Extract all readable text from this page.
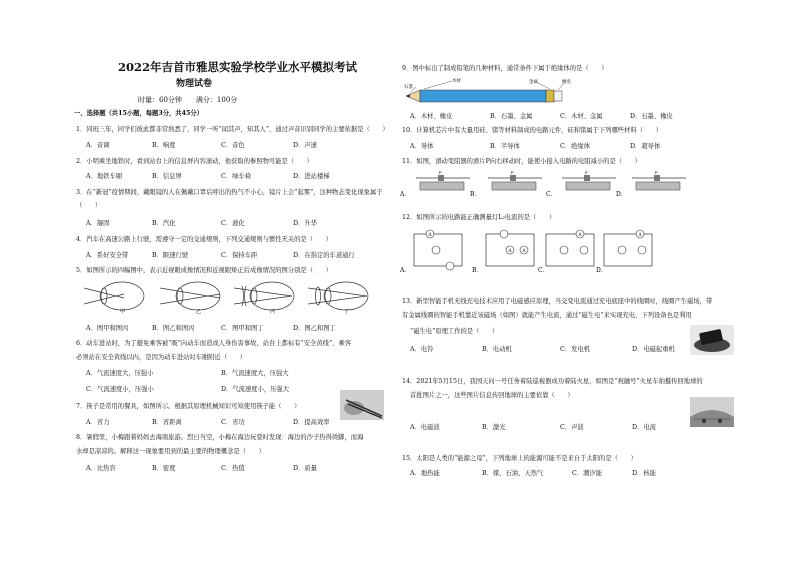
2022年吉首市雅思实验学校学业水平模拟考试
物理试卷
时量：60分钟　　满分：100分
一、选择题（共15小题，每题3分，共45分）
1．同班三年，同学们彼此都非常熟悉了，同学一听“闻其声，知其人”，通过声音识别同学的主要依据是（　　）
A．音调	B．响度	C．音色	D．声速
2．小明乘坐地铁时，看到站台上的信息屏内容滚动，他获取的参照物可能是（　　）
A．地铁车厢	B．信息屏	C．绿车椅	D．进站楼梯
3．在“新冠”疫情期间，戴眼镜的人在佩戴口罩后呼出的热气不小心，镜片上会“起雾”，这种物态变化现象属于
（　　）
A．凝固	B．汽化	C．液化	D．升华
4．汽车在高速公路上行驶，需遵守一定的交通规则，下列交通规则与惯性无关的是（　　）
A．系好安全带	B．限速行驶	C．保持车距	D．在指定的车道通行
5．如图所示的四幅图中，表示近视眼成像情况和近视眼矫正后成像情况的图分别是（　　）
甲	乙	丙	丁
A．图甲和图丙	B．图乙和图丙	C．图甲和图丁	D．图乙和图丁
6．动车进站时，为了避免乘客被“吸”向动车而造成人身伤害事故，站台上都标有“安全黄线”，乘客
必须站在安全黄线以内，是因为动车进站时车厢附近（　　）
A．气流速度大，压强小	B．气流速度大，压强大
C．气流速度小，压强小	D．气流速度小，压强大
7．筷子是常用的餐具，如图所示。根据其原理机械知识可知使用筷子能（　　）
A．省力	B．省距离	C．省功	D．提高效率
8．暑假里，小梅跟着妈妈去海南旅游。烈日当空，小梅在海边玩耍时发现：海边的沙子热得烫脚，而海
水却是凉凉的。解释这一现象要用到的最主要的物理概念是（　　）
A．比热容	B．密度	C．热值	D．质量
9．图中标出了制成铅笔的几种材料，通常条件下属于绝缘体的是（　　）
石墨
木材	金属	橡皮
A．木材、橡皮	B．石墨、金属	C．木材、金属	D．石墨、橡皮
10．计算机芯片中有大量用硅、锗等材料制成的电路元件，硅和锗属于下列哪些材料（　　）
A．导体	B．半导体	C．绝缘体	D．超导体
11．如图，滑动变阻器的滑片P向右移动时，能使小接入电路的电阻减小的是（　　）
A．
P
B．
P
C．
P
D．
P
12．如图所示的电路能正确测量灯L₂电流的是（　　）
A
A A
A	A
A．	B．	C．	D．
13．新型智能手机无线充电技术应用了电磁感应原理，当交变电流通过充电底座中的线圈时，线圈产生磁场，带
有金属线圈的智能手机靠近该磁场（如图）就能产生电流，通过“磁生电”来实现充电，下列设备也是利用
“磁生电”原理工作的是（　　）
A．电铃	B．电动机	C．发电机	D．电磁起重机
14．2021年5月15日，我国天问一号任务着陆巡视器成功着陆火星，如图是“祝融号”火星车拍摄传回地球的
首批图片之一，这些图片信息传回地球的主要依靠（　　）
A．电磁波	B．激光	C．声波	D．电流
15．太阳是人类的“能源之母”，下列地球上的能源可能不是来自于太阳的是（　　）
A．地热能	B．煤、石油、天然气	C．潮汐能	D．核能
